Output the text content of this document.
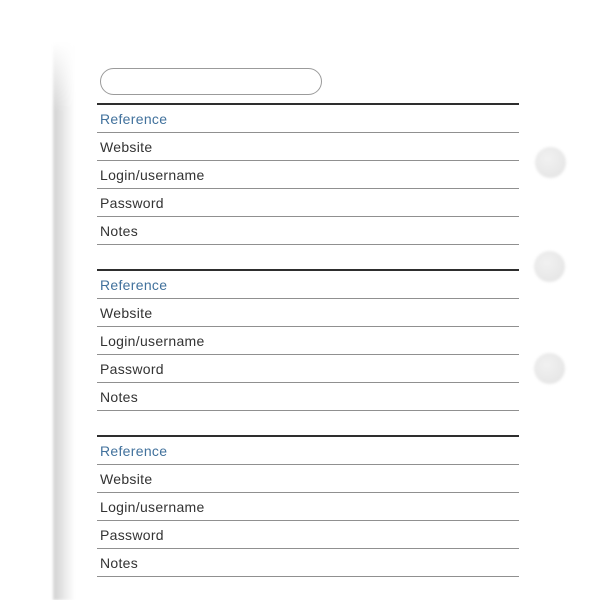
Reference
Website
Login/username
Password
Notes
Reference
Website
Login/username
Password
Notes
Reference
Website
Login/username
Password
Notes
